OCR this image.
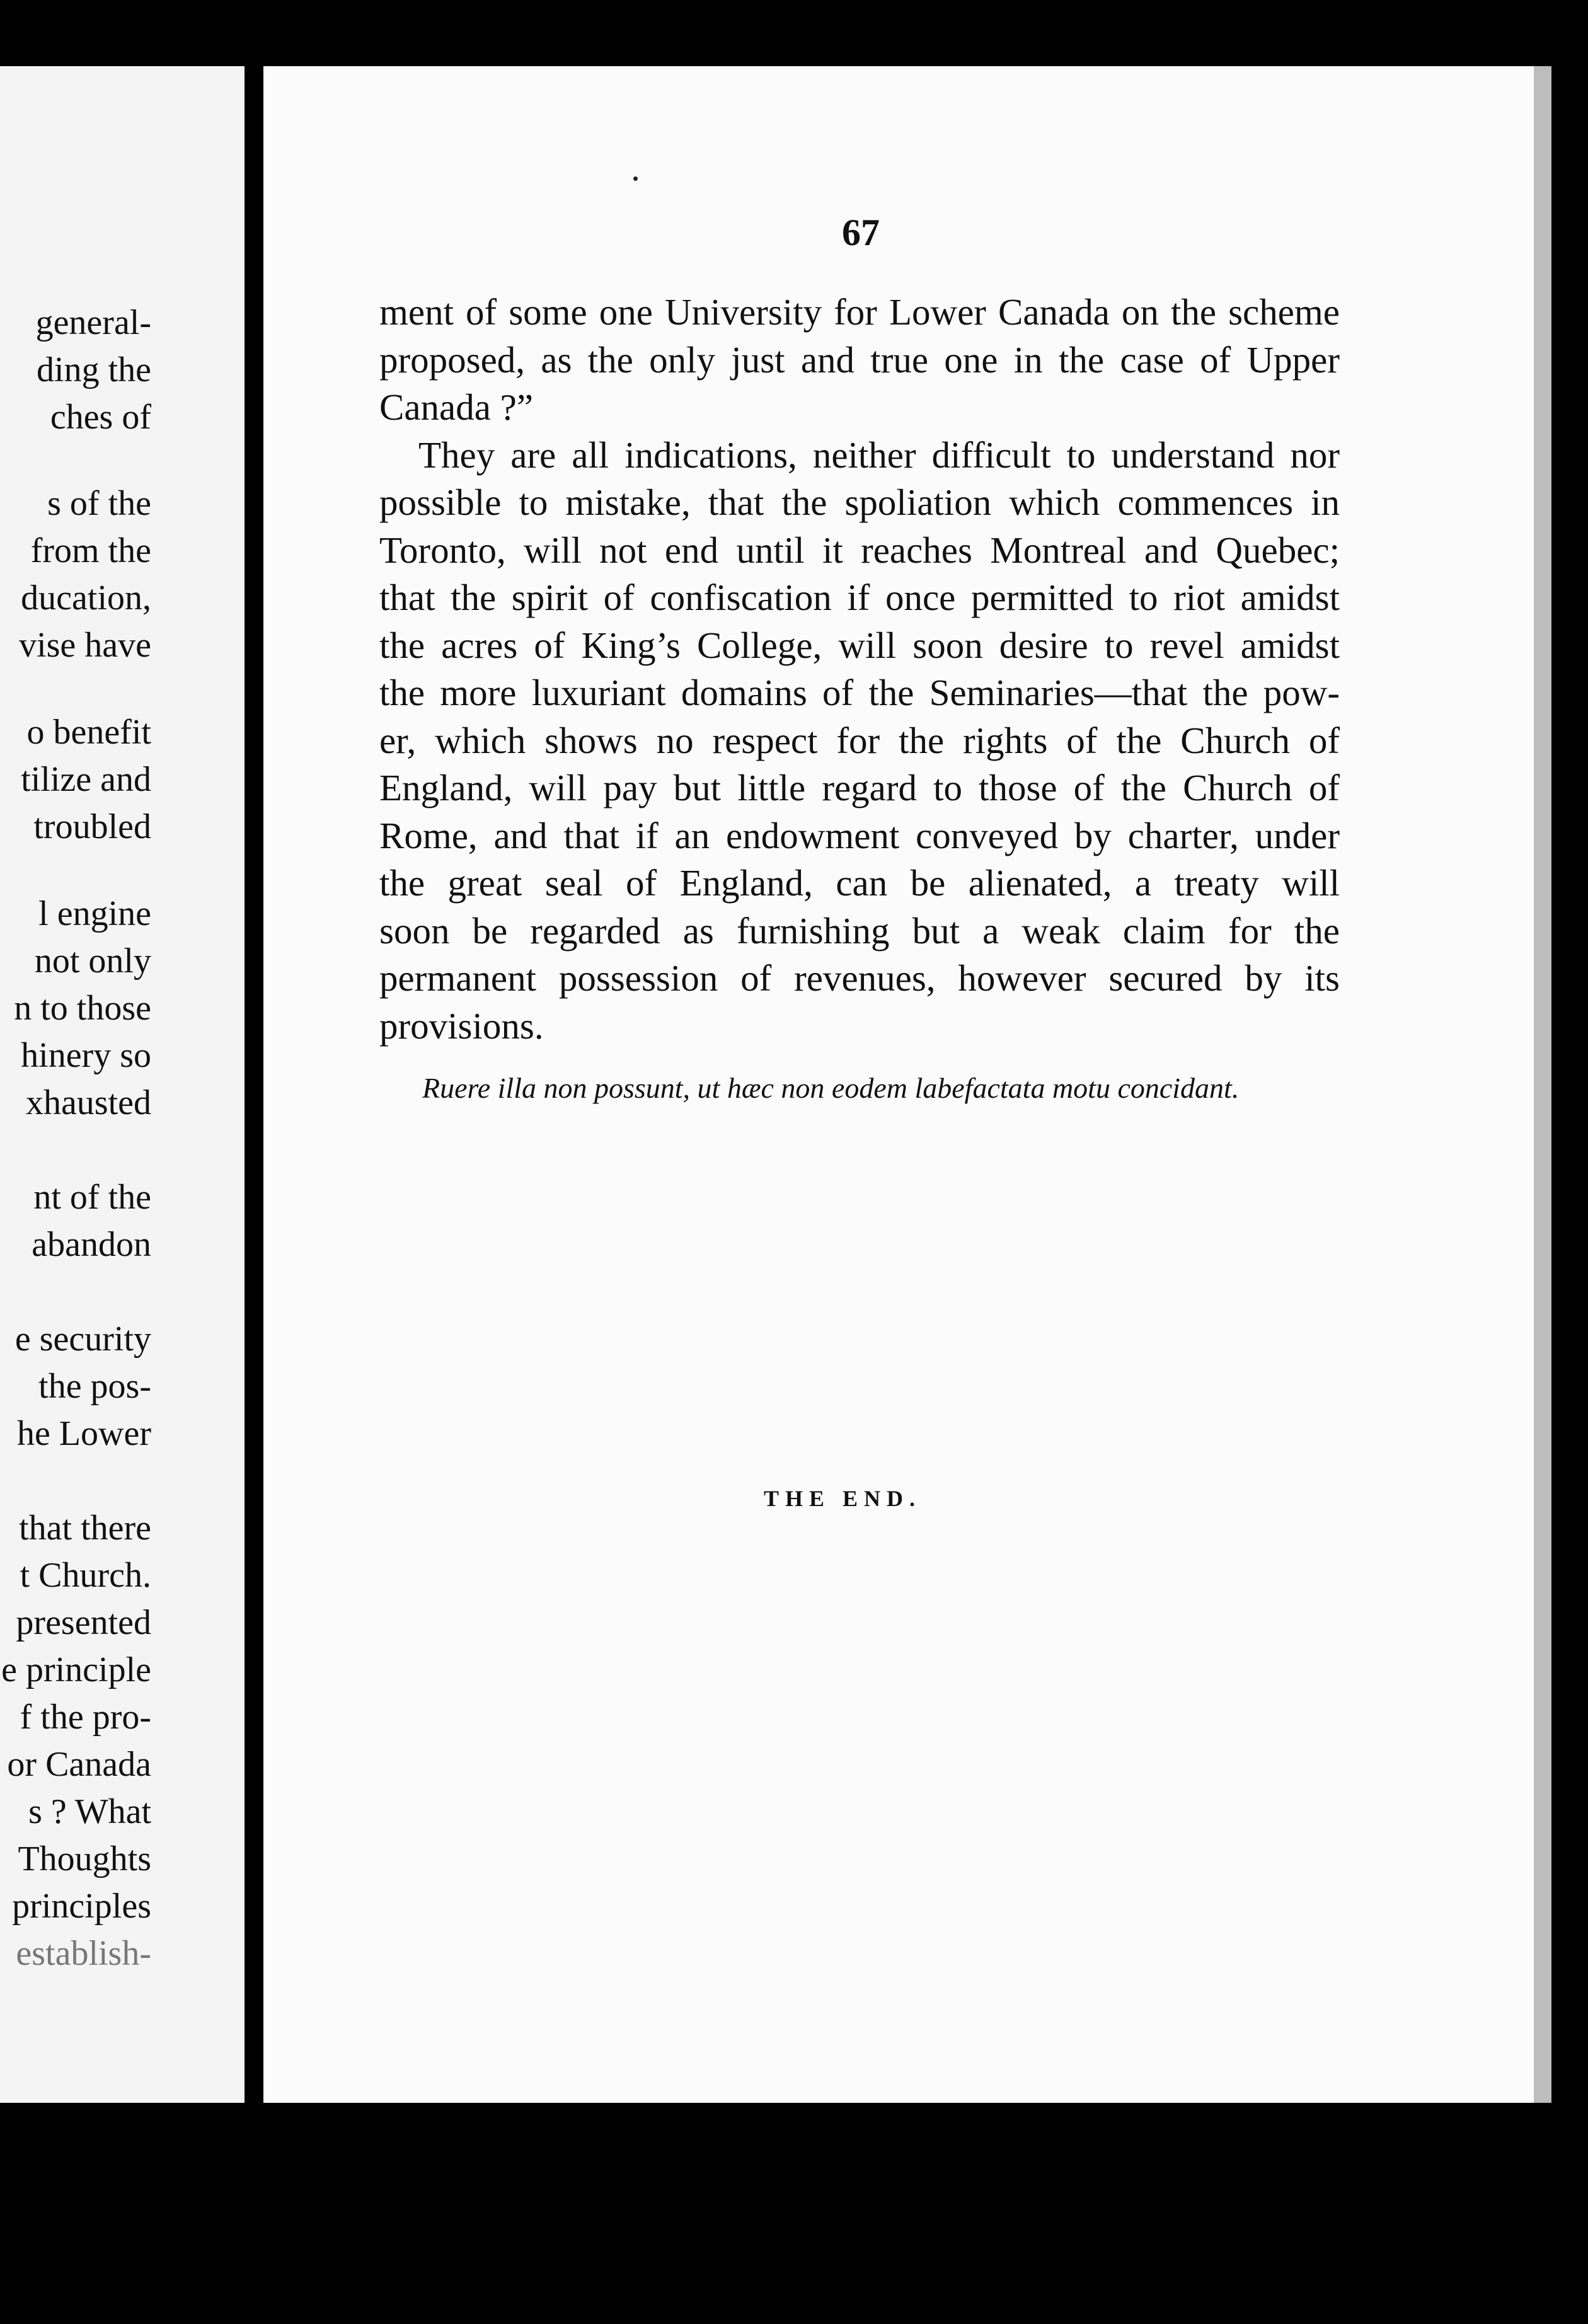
general-
ding the
ches of
s of the
from the
ducation,
vise have
o benefit
tilize and
troubled
l engine
not only
n to those
hinery so
xhausted
nt of the
abandon
e security
the pos-
he Lower
that there
t Church.
presented
e principle
f the pro-
or Canada
s ? What
Thoughts
principles
establish-
67

ment of some one University for Lower Canada on the scheme
proposed, as the only just and true one in the case of Upper
Canada ?”

They are all indications, neither difficult to understand nor
possible to mistake, that the spoliation which commences in
Toronto, will not end until it reaches Montreal and Quebec;
that the spirit of confiscation if once permitted to riot amidst
the acres of King’s College, will soon desire to revel amidst
the more luxuriant domains of the Seminaries—that the pow-
er, which shows no respect for the rights of the Church of
England, will pay but little regard to those of the Church of
Rome, and that if an endowment conveyed by charter, under
the great seal of England, can be alienated, a treaty will
soon be regarded as furnishing but a weak claim for the
permanent possession of revenues, however secured by its
provisions.

Ruere illa non possunt, ut hæc non eodem labefactata motu concidant.
THE END.
